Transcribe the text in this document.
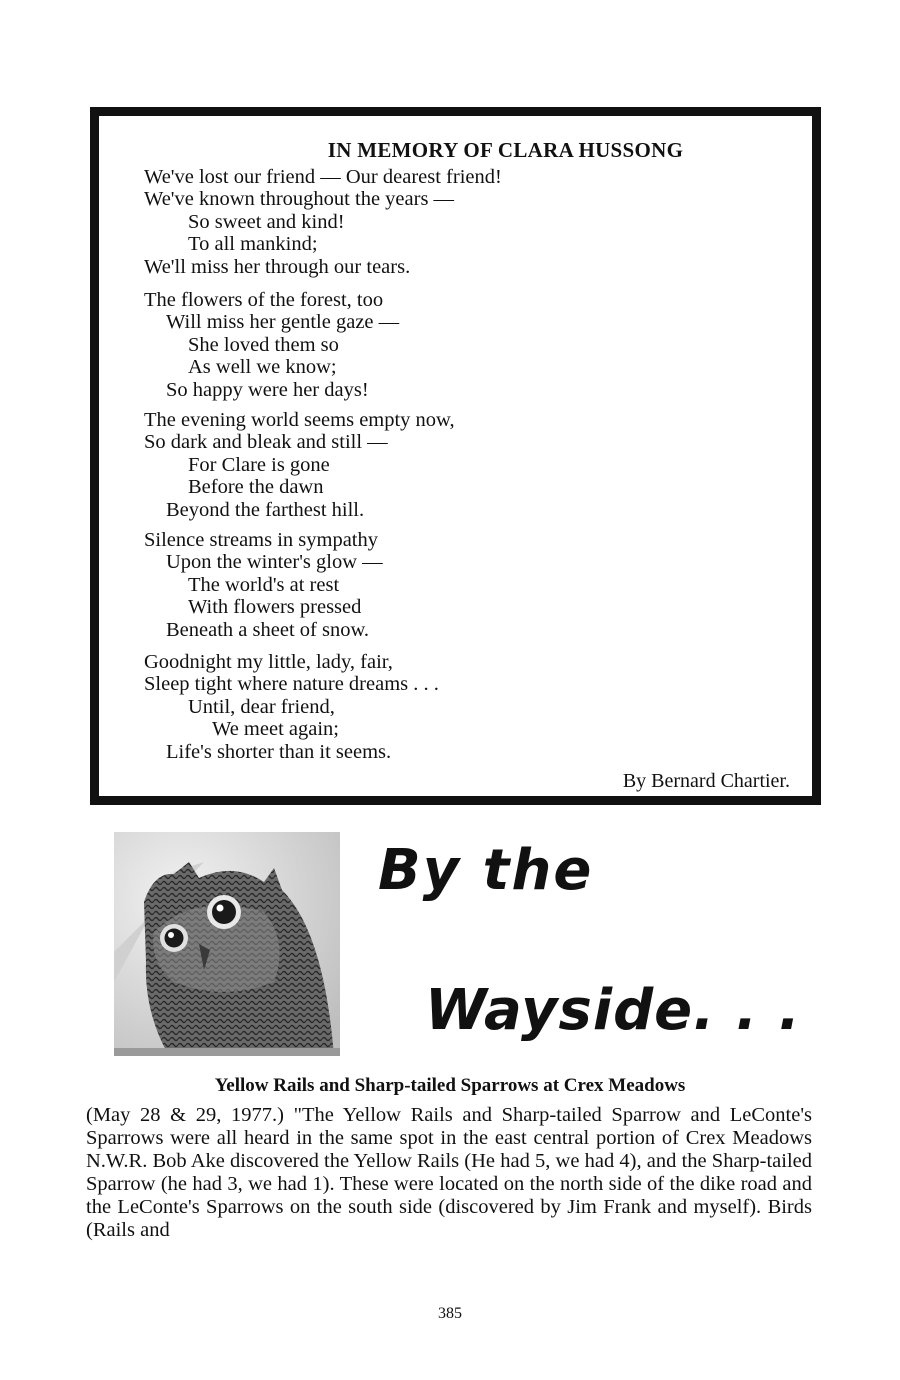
IN MEMORY OF CLARA HUSSONG
We've lost our friend — Our dearest friend!
We've known throughout the years —
So sweet and kind!
To all mankind;
We'll miss her through our tears.
The flowers of the forest, too
Will miss her gentle gaze —
She loved them so
As well we know;
So happy were her days!
The evening world seems empty now,
So dark and bleak and still —
For Clare is gone
Before the dawn
Beyond the farthest hill.
Silence streams in sympathy
Upon the winter's glow —
The world's at rest
With flowers pressed
Beneath a sheet of snow.
Goodnight my little, lady, fair,
Sleep tight where nature dreams . . .
Until, dear friend,
We meet again;
Life's shorter than it seems.
By Bernard Chartier.
By the
Wayside. . .
Yellow Rails and Sharp-tailed Sparrows at Crex Meadows
(May 28 & 29, 1977.) "The Yellow Rails and Sharp-tailed Sparrow and LeConte's Sparrows were all heard in the same spot in the east central portion of Crex Meadows N.W.R. Bob Ake discovered the Yellow Rails (He had 5, we had 4), and the Sharp-tailed Sparrow (he had 3, we had 1). These were located on the north side of the dike road and the LeConte's Sparrows on the south side (discovered by Jim Frank and myself). Birds (Rails and
385
